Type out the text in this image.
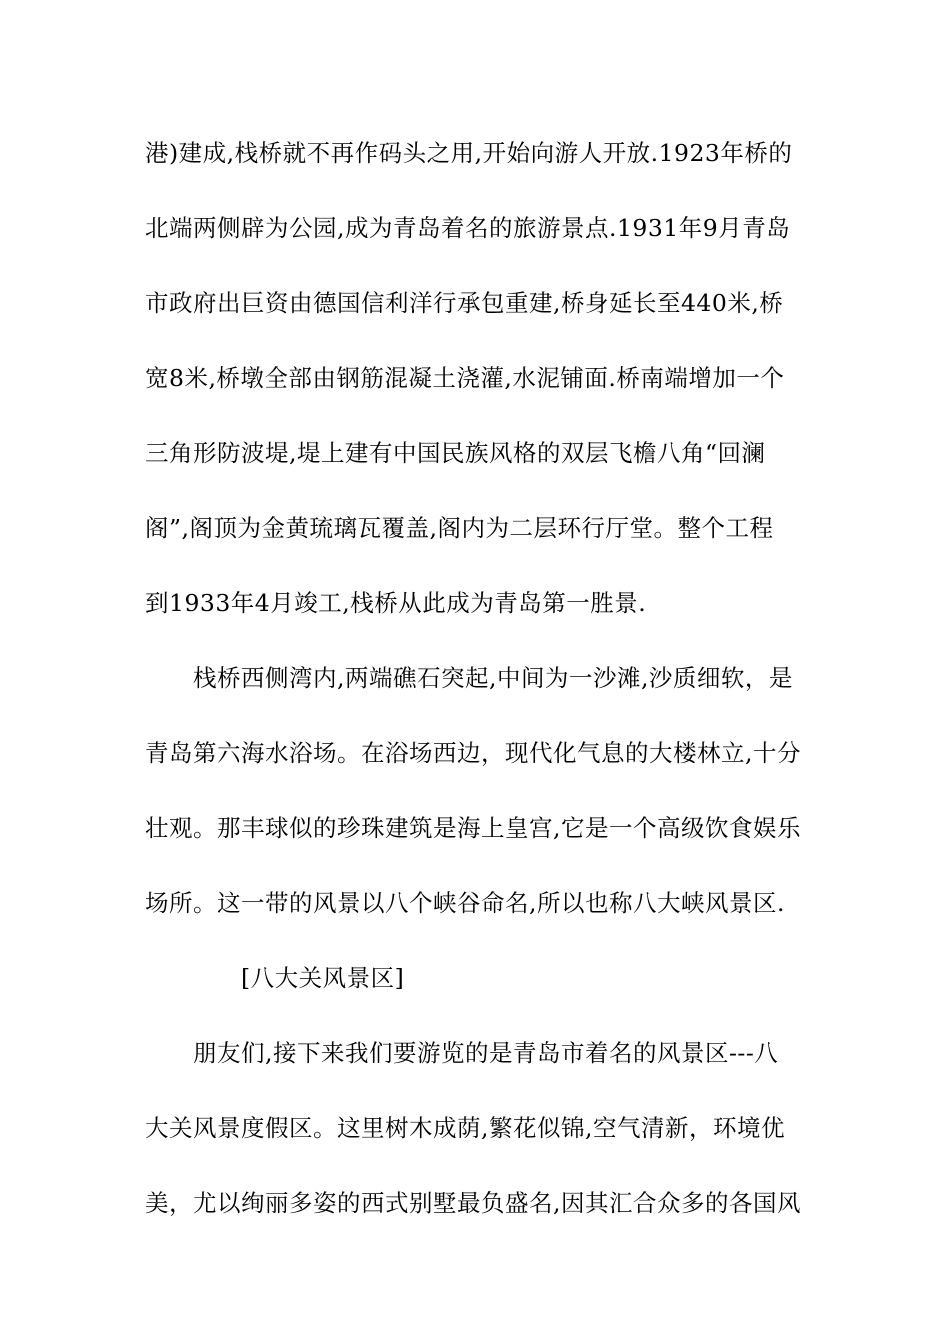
港)建成,栈桥就不再作码头之用,开始向游人开放.1923年桥的
北端两侧辟为公园,成为青岛着名的旅游景点.1931年9月青岛
市政府出巨资由德国信利洋行承包重建,桥身延长至440米,桥
宽8米,桥墩全部由钢筋混凝土浇灌,水泥铺面.桥南端增加一个
三角形防波堤,堤上建有中国民族风格的双层飞檐八角“回澜
阁”,阁顶为金黄琉璃瓦覆盖,阁内为二层环行厅堂。整个工程
到1933年4月竣工,栈桥从此成为青岛第一胜景.
栈桥西侧湾内,两端礁石突起,中间为一沙滩,沙质细软，是
青岛第六海水浴场。在浴场西边，现代化气息的大楼林立,十分
壮观。那丰球似的珍珠建筑是海上皇宫,它是一个高级饮食娱乐
场所。这一带的风景以八个峡谷命名,所以也称八大峡风景区.
[八大关风景区]
朋友们,接下来我们要游览的是青岛市着名的风景区---八
大关风景度假区。这里树木成荫,繁花似锦,空气清新，环境优
美，尤以绚丽多姿的西式别墅最负盛名,因其汇合众多的各国风
